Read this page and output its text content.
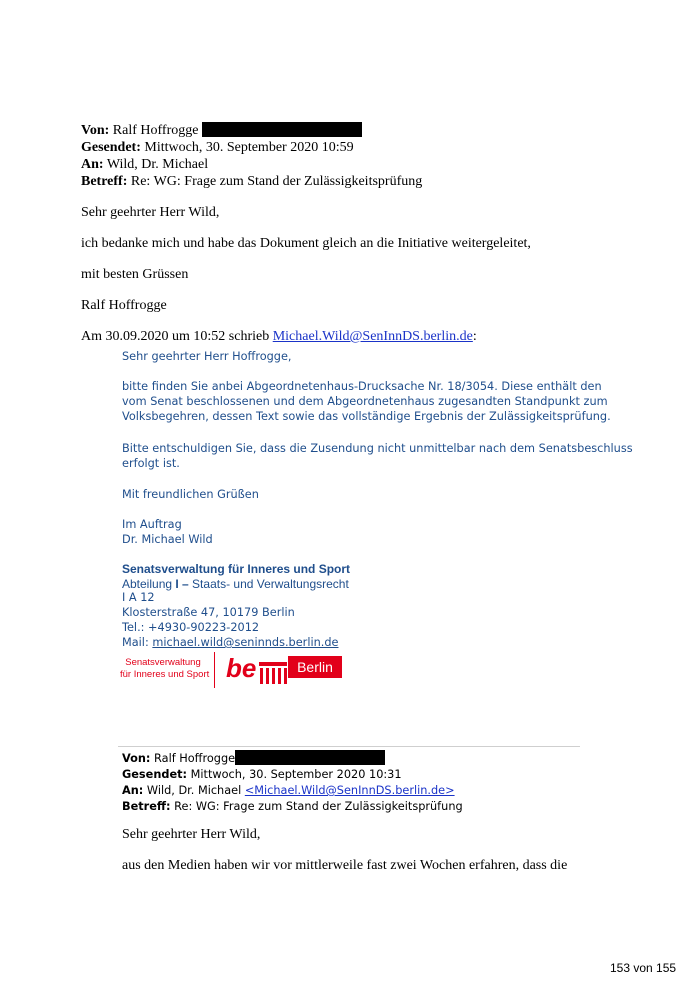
Von: Ralf Hoffrogge
Gesendet: Mittwoch, 30. September 2020 10:59
An: Wild, Dr. Michael
Betreff: Re: WG: Frage zum Stand der Zulässigkeitsprüfung
Sehr geehrter Herr Wild,
ich bedanke mich und habe das Dokument gleich an die Initiative weitergeleitet,
mit besten Grüssen
Ralf Hoffrogge
Am 30.09.2020 um 10:52 schrieb Michael.Wild@SenInnDS.berlin.de:
Sehr geehrter Herr Hoffrogge,
bitte finden Sie anbei Abgeordnetenhaus-Drucksache Nr. 18/3054. Diese enthält den
vom Senat beschlossenen und dem Abgeordnetenhaus zugesandten Standpunkt zum
Volksbegehren, dessen Text sowie das vollständige Ergebnis der Zulässigkeitsprüfung.
Bitte entschuldigen Sie, dass die Zusendung nicht unmittelbar nach dem Senatsbeschluss
erfolgt ist.
Mit freundlichen Grüßen
Im Auftrag
Dr. Michael Wild
Senatsverwaltung für Inneres und Sport
Abteilung I – Staats- und Verwaltungsrecht
I A 12
Klosterstraße 47, 10179 Berlin
Tel.: +4930-90223-2012
Mail: michael.wild@seninnds.berlin.de
Senatsverwaltung
für Inneres und Sport be	Berlin
Von: Ralf Hoffrogge
Gesendet: Mittwoch, 30. September 2020 10:31
An: Wild, Dr. Michael <Michael.Wild@SenInnDS.berlin.de>
Betreff: Re: WG: Frage zum Stand der Zulässigkeitsprüfung
Sehr geehrter Herr Wild,
aus den Medien haben wir vor mittlerweile fast zwei Wochen erfahren, dass die
153 von 155
